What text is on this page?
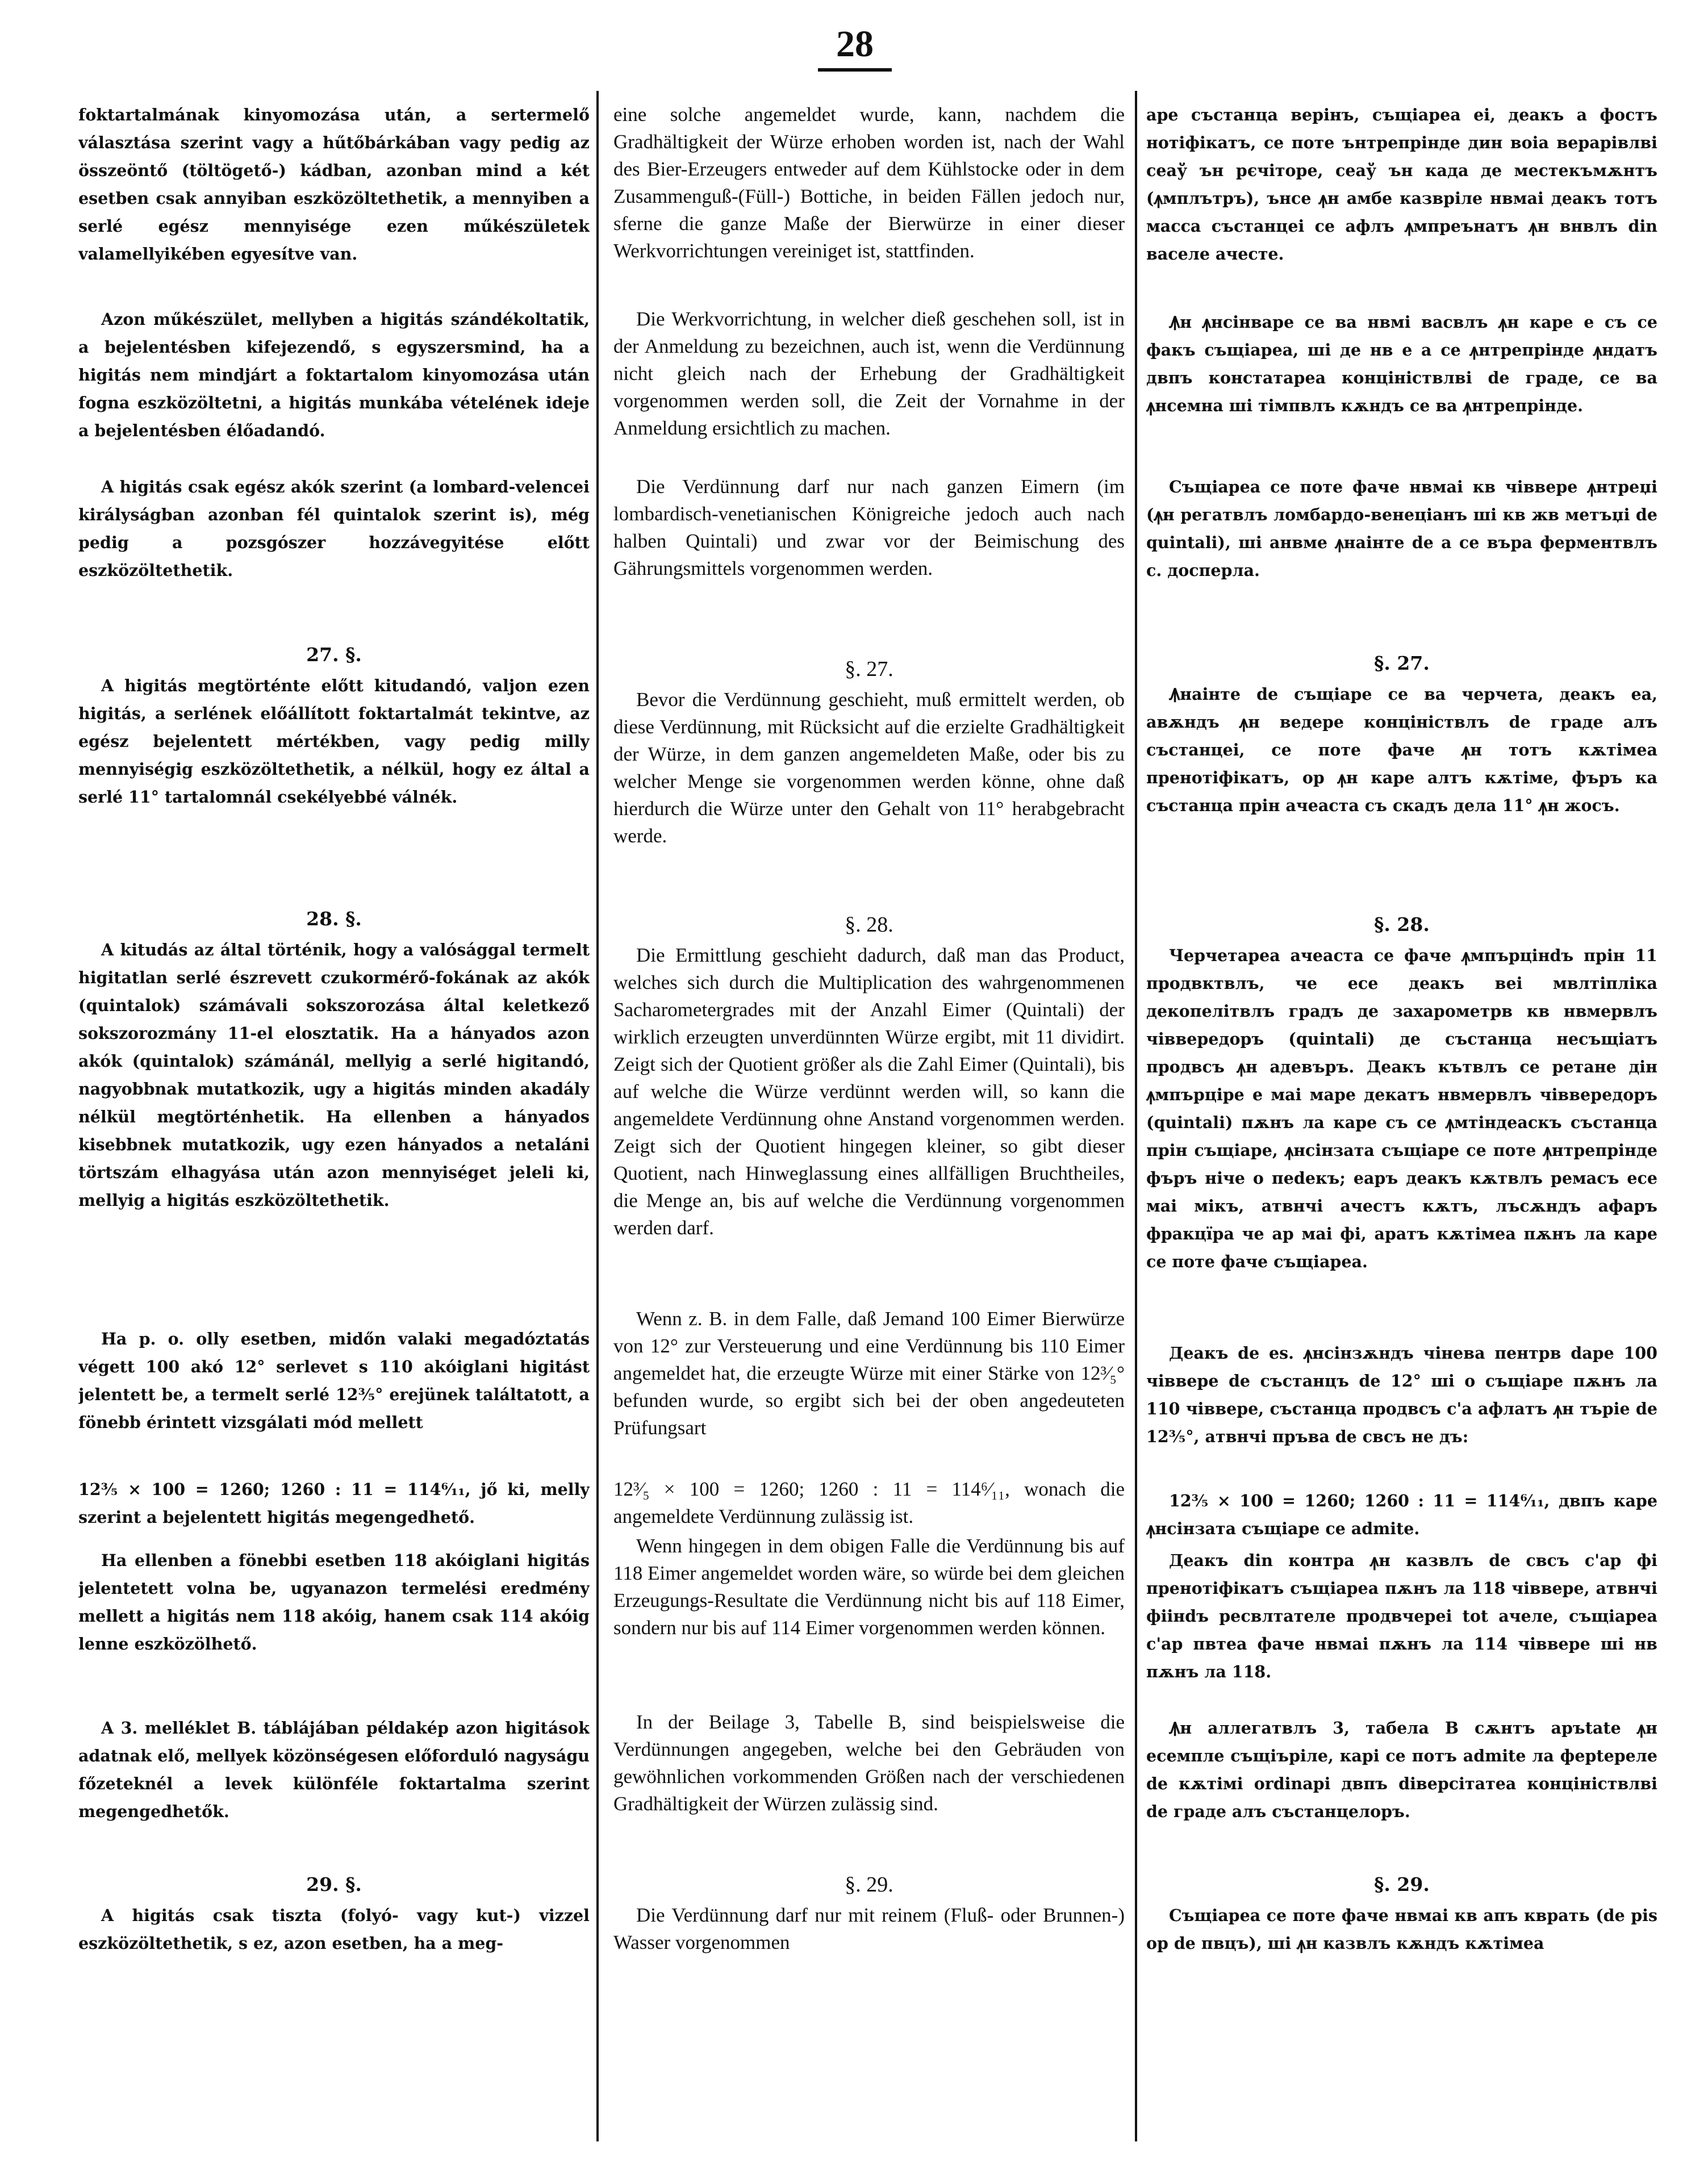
28

foktartalmának kinyomozása után, a sertermelő választása szerint vagy a hűtőbárkában vagy pedig az összeöntő (töltögető-) kádban, azonban mind a két esetben csak annyiban eszközöltethetik, a mennyiben a serlé egész mennyisége ezen műkészületek valamellyikében egyesítve van.

Azon műkészület, mellyben a higitás szándékoltatik, a bejelentésben kifejezendő, s egyszersmind, ha a higitás nem mindjárt a foktartalom kinyomozása után fogna eszközöltetni, a higitás munkába vételének ideje a bejelentésben élőadandó.

A higitás csak egész akók szerint (a lombard-velencei királyságban azonban fél quintalok szerint is), még pedig a pozsgószer hozzávegyitése előtt eszközöltethetik.

27. §.

A higitás megtörténte előtt kitudandó, valjon ezen higitás, a serlének előállított foktartalmát tekintve, az egész bejelentett mértékben, vagy pedig milly mennyiségig eszközöltethetik, a nélkül, hogy ez által a serlé 11° tartalomnál csekélyebbé válnék.

28. §.

A kitudás az által történik, hogy a valósággal termelt higitatlan serlé észrevett czukormérő-fokának az akók (quintalok) számávali sokszorozása által keletkező sokszorozmány 11-el elosztatik. Ha a hányados azon akók (quintalok) számánál, mellyig a serlé higitandó, nagyobbnak mutatkozik, ugy a higitás minden akadály nélkül megtörténhetik. Ha ellenben a hányados kisebbnek mutatkozik, ugy ezen hányados a netaláni törtszám elhagyása után azon mennyiséget jeleli ki, mellyig a higitás eszközöltethetik.

Ha p. o. olly esetben, midőn valaki megadóztatás végett 100 akó 12° serlevet s 110 akóiglani higitást jelentett be, a termelt serlé 12³⁄₅° erejünek találtatott, a fönebb érintett vizsgálati mód mellett

12³⁄₅ × 100 = 1260; 1260 : 11 = 114⁶⁄₁₁, jő ki, melly szerint a bejelentett higitás megengedhető.

Ha ellenben a fönebbi esetben 118 akóiglani higitás jelentetett volna be, ugyanazon termelési eredmény mellett a higitás nem 118 akóig, hanem csak 114 akóig lenne eszközölhető.

A 3. melléklet B. táblájában példakép azon higitások adatnak elő, mellyek közönségesen előforduló nagyságu főzeteknél a levek különféle foktartalma szerint megengedhetők.

29. §.

A higitás csak tiszta (folyó- vagy kut-) vizzel eszközöltethetik, s ez, azon esetben, ha a meg-

eine solche angemeldet wurde, kann, nachdem die Gradhältigkeit der Würze erhoben worden ist, nach der Wahl des Bier-Erzeugers entweder auf dem Kühlstocke oder in dem Zusammenguß-(Füll-) Bottiche, in beiden Fällen jedoch nur, sferne die ganze Maße der Bierwürze in einer dieser Werkvorrichtungen vereiniget ist, stattfinden.

Die Werkvorrichtung, in welcher dieß geschehen soll, ist in der Anmeldung zu bezeichnen, auch ist, wenn die Verdünnung nicht gleich nach der Erhebung der Gradhältigkeit vorgenommen werden soll, die Zeit der Vornahme in der Anmeldung ersichtlich zu machen.

Die Verdünnung darf nur nach ganzen Eimern (im lombardisch-venetianischen Königreiche jedoch auch nach halben Quintali) und zwar vor der Beimischung des Gährungsmittels vorgenommen werden.

§. 27.

Bevor die Verdünnung geschieht, muß ermittelt werden, ob diese Verdünnung, mit Rücksicht auf die erzielte Gradhältigkeit der Würze, in dem ganzen angemeldeten Maße, oder bis zu welcher Menge sie vorgenommen werden könne, ohne daß hierdurch die Würze unter den Gehalt von 11° herabgebracht werde.

§. 28.

Die Ermittlung geschieht dadurch, daß man das Product, welches sich durch die Multiplication des wahrgenommenen Sacharometergrades mit der Anzahl Eimer (Quintali) der wirklich erzeugten unverdünnten Würze ergibt, mit 11 dividirt. Zeigt sich der Quotient größer als die Zahl Eimer (Quintali), bis auf welche die Würze verdünnt werden will, so kann die angemeldete Verdünnung ohne Anstand vorgenommen werden. Zeigt sich der Quotient hingegen kleiner, so gibt dieser Quotient, nach Hinweglassung eines allfälligen Bruchtheiles, die Menge an, bis auf welche die Verdünnung vorgenommen werden darf.

Wenn z. B. in dem Falle, daß Jemand 100 Eimer Bierwürze von 12° zur Versteuerung und eine Verdünnung bis 110 Eimer angemeldet hat, die erzeugte Würze mit einer Stärke von 12³⁄₅° befunden wurde, so ergibt sich bei der oben angedeuteten Prüfungsart

12³⁄₅ × 100 = 1260; 1260 : 11 = 114⁶⁄₁₁, wonach die angemeldete Verdünnung zulässig ist.

Wenn hingegen in dem obigen Falle die Verdünnung bis auf 118 Eimer angemeldet worden wäre, so würde bei dem gleichen Erzeugungs-Resultate die Verdünnung nicht bis auf 118 Eimer, sondern nur bis auf 114 Eimer vorgenommen werden können.

In der Beilage 3, Tabelle B, sind beispielsweise die Verdünnungen angegeben, welche bei den Gebräuden von gewöhnlichen vorkommenden Größen nach der verschiedenen Gradhältigkeit der Würzen zulässig sind.

§. 29.

Die Verdünnung darf nur mit reinem (Fluß- oder Brunnen-) Wasser vorgenommen

аре състанца верінъ, същіареа еі, деакъ а фостъ нотіфікатъ, се поте ънтрепрінде дин воіа верарівлві сеаў ън рєчітоpe, сеаў ън када де местекъмѫнтъ (ꙟмплътръ), ънсе ꙟн амбе казвріле нвмаі деакъ тотъ масса състанцеі се афлъ ꙟмпреънатъ ꙟн внвлъ din васеле ачесте.

Ꙟн ꙟнсінваре се ва нвмі васвлъ ꙟн каре е съ се факъ същіареа, ші де нв е а се ꙟнтрепрінде ꙟндатъ двпъ констатареа концініствлві de граде, се ва ꙟнсемна ші тімпвлъ кѫндъ се ва ꙟнтрепрінде.

Същіареа се поте фаче нвмаі кв чіввере ꙟнтреџі (ꙟн регатвлъ ломбардо-венеціанъ ші кв жв метъџі de quintali), ші анвме ꙟнаінте de а се въра ферментвлъ с. досперла.

§. 27.

Ꙟнаінте de същіаре се ва черчета, деакъ еа, авѫндъ ꙟн ведере концініствлъ de граде алъ състанцеі, се поте фаче ꙟн тотъ кѫтімеа пренотіфікатъ, ор ꙟн каре алтъ кѫтіме, фъръ ка състанца прін ачеаста съ скадъ дела 11° ꙟн жосъ.

§. 28.

Черчетареа ачеаста се фаче ꙟмпърцінdъ прін 11 продвктвлъ, че есе деакъ веі мвлтіпліка декопелітвлъ градъ де захарометрв кв нвмервлъ чіввередоръ (quintali) де състанца несъщіатъ продвсъ ꙟн адевъръ. Деакъ кътвлъ се ретане дін ꙟмпърціре е маі маре декатъ нвмервлъ чіввередоръ (quintali) пѫнъ ла каре съ се ꙟмтіндеаскъ състанца прін същіаре, ꙟнсінзата същіаре се поте ꙟнтрепрінде фъръ ніче о пеdекъ; еаръ деакъ кѫтвлъ ремасъ есе маі мікъ, атвнчі ачестъ кѫтъ, лъсѫндъ афаръ фракцїра че ар маі фі, аратъ кѫтімеа пѫнъ ла каре се поте фаче същіареа.

Деакъ de es. ꙟнсінзѫндъ чінева пентрв dape 100 чіввере de състанцъ de 12° ші о същіаре пѫнъ ла 110 чіввере, състанца продвсъ с'а афлатъ ꙟн търіе de 12³⁄₅°, атвнчі пръва de свсъ не дъ:

12³⁄₅ × 100 = 1260; 1260 : 11 = 114⁶⁄₁₁, двпъ каре ꙟнсінзата същіаре се admite.

Деакъ din контра ꙟн казвлъ de свсъ с'ар фі пренотіфікатъ същіареа пѫнъ ла 118 чіввере, атвнчі фіінdъ ресвлтателе продвчерeі tot ачеле, същіареа с'ар пвтеа фаче нвмаі пѫнъ ла 114 чіввере ші нв пѫнъ ла 118.

Ꙟн аллегатвлъ 3, табела В сѫнтъ аръtate ꙟн есемпле същіъріле, карі се потъ admite ла ферtереле de кѫтімі ordinapi двпъ diверсітатеа концініствлві de граде алъ състанцелоръ.

§. 29.

Същіареа се поте фаче нвмаі кв апъ кврать (de pis op de пвцъ), ші ꙟн казвлъ кѫндъ кѫтімеа
